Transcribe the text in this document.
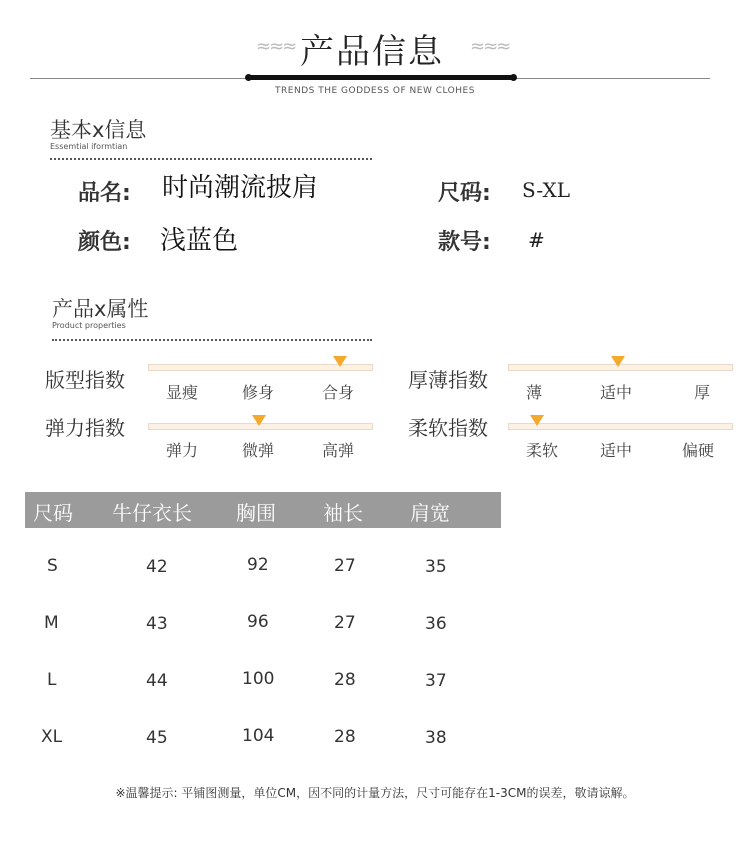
≈≈≈ 产品信息 ≈≈≈
TRENDS THE GODDESS OF NEW CLOHES
基本x信息
Essemtial iformtian
品名: 时尚潮流披肩	尺码: S-XL
颜色: 浅蓝色	款号: #
产品x属性
Product properties
版型指数
显瘦	修身	合身
厚薄指数
薄	适中	厚
弹力指数
弹力	微弹	高弹
柔软指数
柔软	适中	偏硬
尺码 牛仔衣长 胸围 袖长 肩宽
S	42	92	27	35
M	43	96	27	36
L	44	100	28	37
XL	45	104	28	38
※温馨提示: 平铺图测量，单位CM，因不同的计量方法，尺寸可能存在1-3CM的误差，敬请谅解。
